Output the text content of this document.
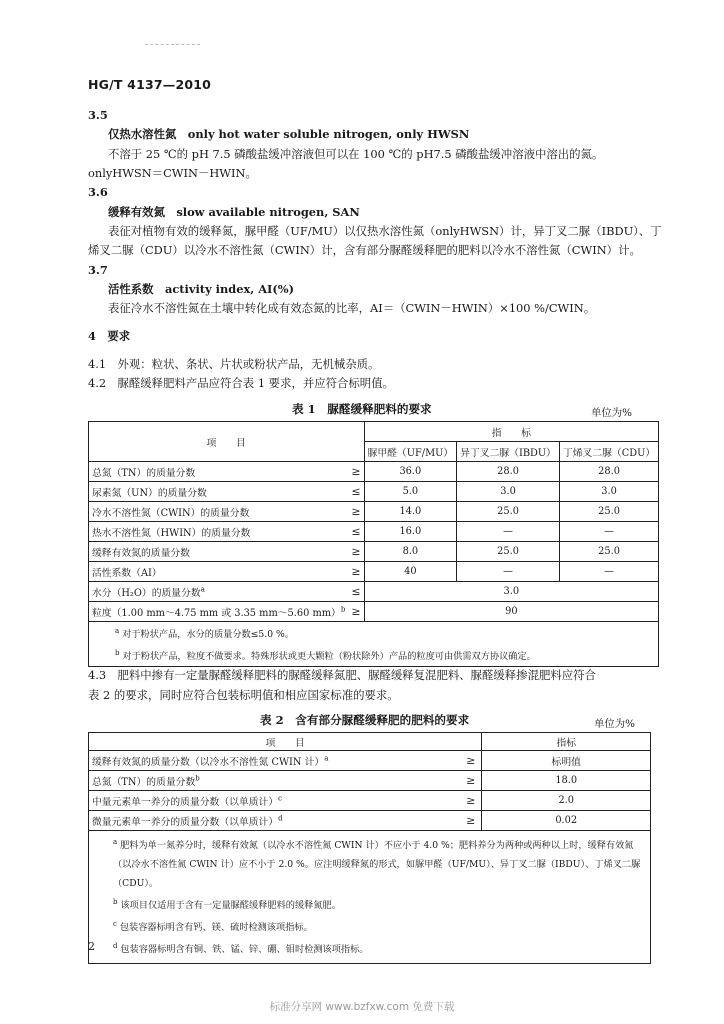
HG/T 4137—2010
3.5
仅热水溶性氮　only hot water soluble nitrogen, only HWSN
不溶于 25 ℃的 pH 7.5 磷酸盐缓冲溶液但可以在 100 ℃的 pH7.5 磷酸盐缓冲溶液中溶出的氮。
onlyHWSN＝CWIN－HWIN。
3.6
缓释有效氮　slow available nitrogen, SAN
表征对植物有效的缓释氮，脲甲醛（UF/MU）以仅热水溶性氮（onlyHWSN）计，异丁叉二脲（IBDU）、丁
烯叉二脲（CDU）以冷水不溶性氮（CWIN）计，含有部分脲醛缓释肥的肥料以冷水不溶性氮（CWIN）计。
3.7
活性系数　activity index, AI(%)
表征冷水不溶性氮在土壤中转化成有效态氮的比率，AI＝（CWIN－HWIN）×100 %/CWIN。
4　要求
4.1　外观：粒状、条状、片状或粉状产品，无机械杂质。
4.2　脲醛缓释肥料产品应符合表 1 要求，并应符合标明值。
表 1　脲醛缓释肥料的要求	单位为%
项　　目		指　　标		
		脲甲醛（UF/MU）	异丁叉二脲（IBDU）	丁烯叉二脲（CDU）
总氮（TN）的质量分数	≥	36.0	28.0	28.0
尿素氮（UN）的质量分数	≤	5.0	3.0	3.0
冷水不溶性氮（CWIN）的质量分数	≥	14.0	25.0	25.0
热水不溶性氮（HWIN）的质量分数	≤	16.0	—	—
缓释有效氮的质量分数	≥	8.0	25.0	25.0
活性系数（AI）	≥	40	—	—
水分（H₂O）的质量分数$^a$	≤	3.0		
粒度（1.00 mm～4.75 mm 或 3.35 mm～5.60 mm）$^b$	≥	90		

$^a$ 对于粉状产品，水分的质量分数≤5.0 %。
$^b$ 对于粉状产品，粒度不做要求。特殊形状或更大颗粒（粉状除外）产品的粒度可由供需双方协议确定。				
4.3　肥料中掺有一定量脲醛缓释肥料的脲醛缓释氮肥、脲醛缓释复混肥料、脲醛缓释掺混肥料应符合
表 2 的要求，同时应符合包装标明值和相应国家标准的要求。
表 2　含有部分脲醛缓释肥的肥料的要求	单位为%
项　　目		指标
缓释有效氮的质量分数（以冷水不溶性氮 CWIN 计）$^a$	≥	标明值
总氮（TN）的质量分数$^b$	≥	18.0
中量元素单一养分的质量分数（以单质计）$^c$	≥	2.0
微量元素单一养分的质量分数（以单质计）$^d$	≥	0.02

$^a$ 肥料为单一氮养分时，缓释有效氮（以冷水不溶性氮 CWIN 计）不应小于 4.0 %；肥料养分为两种或两种以上时，缓释有效氮（以冷水不溶性氮 CWIN 计）应不小于 2.0 %。应注明缓释氮的形式，如脲甲醛（UF/MU）、异丁叉二脲（IBDU）、丁烯叉二脲（CDU）。
$^b$ 该项目仅适用于含有一定量脲醛缓释肥料的缓释氮肥。
$^c$ 包装容器标明含有钙、镁、硫时检测该项指标。
$^d$ 包装容器标明含有铜、铁、锰、锌、硼、钼时检测该项指标。		
2
标准分享网 www.bzfxw.com 免费下载
